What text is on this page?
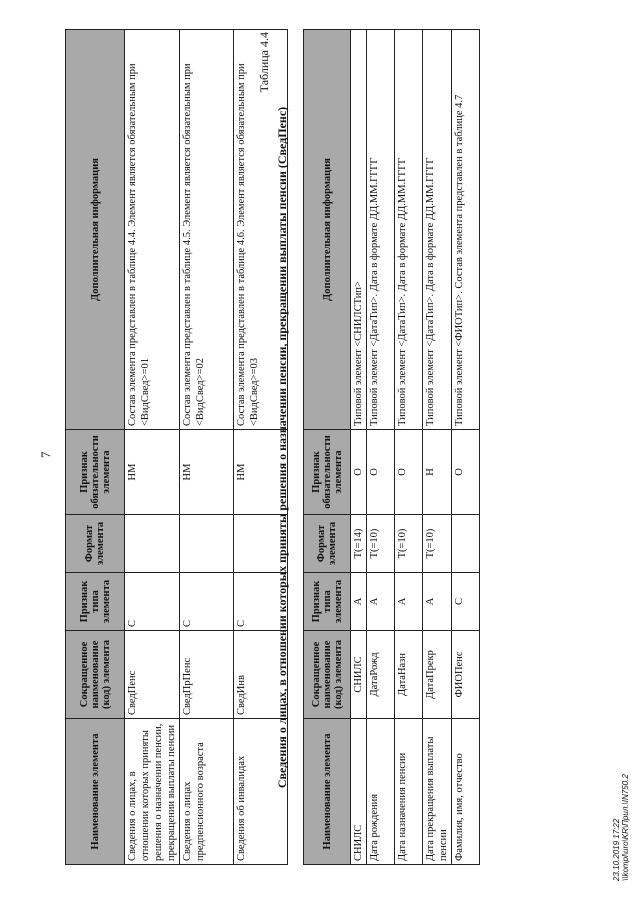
7
Наименование элемента	Сокращенное наименование (код) элемента	Признак типа элемента	Формат элемента	Признак обязательности элемента	Дополнительная информация
Сведения о лицах, в отношении которых приняты решения о назначении пенсии, прекращении выплаты пенсии	СведПенс	С		НМ	Состав элемента представлен в таблице 4.4. Элемент является обязательным при <ВидСвед>=01
Сведения о лицах предпенсионного возраста	СведПрПенс	С		НМ	Состав элемента представлен в таблице 4.5. Элемент является обязательным при <ВидСвед>=02
Сведения об инвалидах	СведИнв	С		НМ	Состав элемента представлен в таблице 4.6. Элемент является обязательным при <ВидСвед>=03
Таблица 4.4
Сведения о лицах, в отношении которых приняты решения о назначении пенсии, прекращении выплаты пенсии (СведПенс)
Наименование элемента	Сокращенное наименование (код) элемента	Признак типа элемента	Формат элемента	Признак обязательности элемента	Дополнительная информация
СНИЛС	СНИЛС	А	T(=14)	О	Типовой элемент <СНИЛСТип>
Дата рождения	ДатаРожд	А	T(=10)	О	Типовой элемент <ДатаТип>. Дата в формате ДД.ММ.ГГГГ
Дата назначения пенсии	ДатаНазн	А	T(=10)	О	Типовой элемент <ДатаТип>. Дата в формате ДД.ММ.ГГГГ
Дата прекращения выплаты пенсии	ДатаПрекр	А	T(=10)	Н	Типовой элемент <ДатаТип>. Дата в формате ДД.ММ.ГГГГ
Фамилия, имя, отчество	ФИОПенс	С		О	Типовой элемент <ФИОТип>. Состав элемента представлен в таблице 4.7
23.10.2019 17:22 \\kompl\uro\KR\Прил.\IN750.2
